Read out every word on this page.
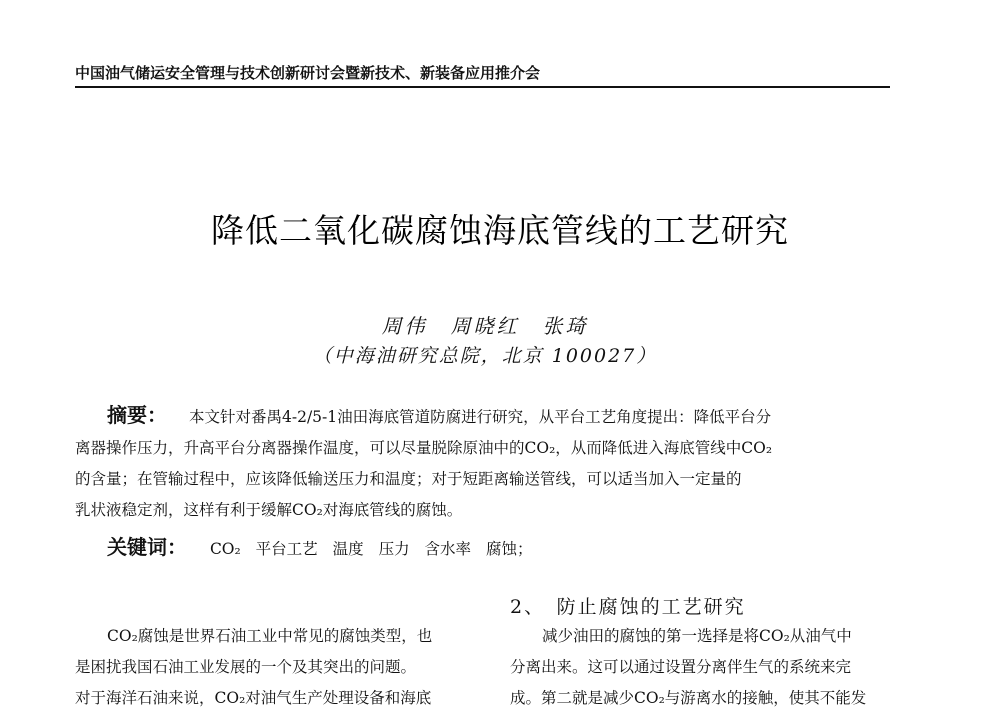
中国油气储运安全管理与技术创新研讨会暨新技术、新装备应用推介会
降低二氧化碳腐蚀海底管线的工艺研究
周伟　周晓红　张琦
（中海油研究总院，北京 100027）
摘要： 本文针对番禺4-2/5-1油田海底管道防腐进行研究，从平台工艺角度提出：降低平台分
离器操作压力，升高平台分离器操作温度，可以尽量脱除原油中的CO₂，从而降低进入海底管线中CO₂
的含量；在管输过程中，应该降低输送压力和温度；对于短距离输送管线，可以适当加入一定量的
乳状液稳定剂，这样有利于缓解CO₂对海底管线的腐蚀。
关键词： CO₂ 平台工艺 温度 压力 含水率 腐蚀；
CO₂腐蚀是世界石油工业中常见的腐蚀类型，也
是困扰我国石油工业发展的一个及其突出的问题。
对于海洋石油来说，CO₂对油气生产处理设备和海底
2、　防止腐蚀的工艺研究
减少油田的腐蚀的第一选择是将CO₂从油气中
分离出来。这可以通过设置分离伴生气的系统来完
成。第二就是减少CO₂与游离水的接触，使其不能发
